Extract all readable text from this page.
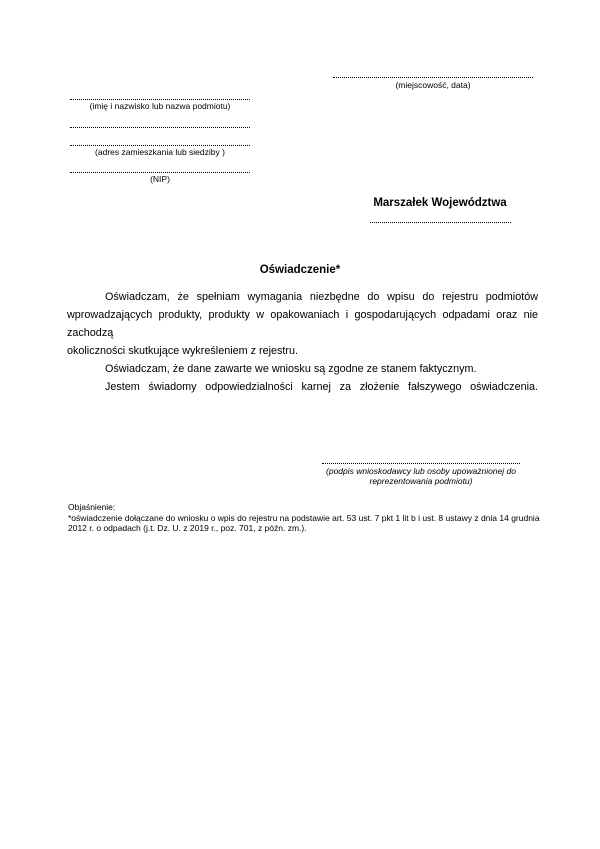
(miejscowość, data)
(imię i nazwisko lub nazwa podmiotu)
(adres zamieszkania lub siedziby )
(NIP)
Marszałek Województwa
Oświadczenie*
Oświadczam, że spełniam wymagania niezbędne do wpisu do rejestru podmiotów
wprowadzających produkty, produkty w opakowaniach i gospodarujących odpadami oraz nie zachodzą
okoliczności skutkujące wykreśleniem z rejestru.
Oświadczam, że dane zawarte we wniosku są zgodne ze stanem faktycznym.
Jestem świadomy odpowiedzialności karnej za złożenie fałszywego oświadczenia.
(podpis wnioskodawcy lub osoby upoważnionej do
reprezentowania podmiotu)
Objaśnienie:
*oświadczenie dołączane do wniosku o wpis do rejestru na podstawie art. 53 ust. 7 pkt 1 lit b i ust. 8 ustawy z dnia 14 grudnia 2012 r. o odpadach (j.t. Dz. U. z 2019 r., poz. 701, z późn. zm.).
